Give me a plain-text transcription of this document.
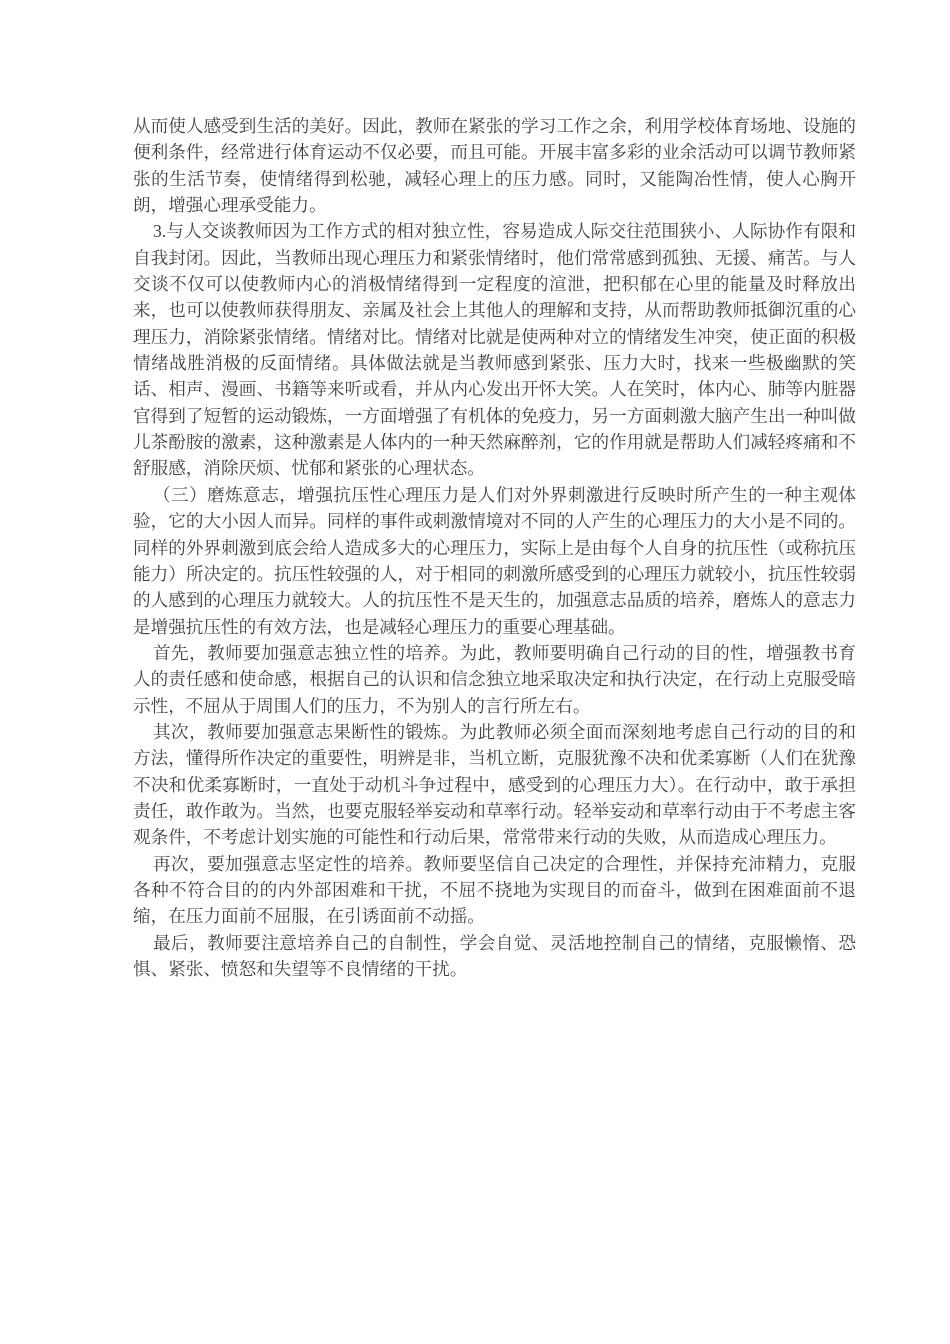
从而使人感受到生活的美好。因此，教师在紧张的学习工作之余，利用学校体育场地、设施的便利条件，经常进行体育运动不仅必要，而且可能。开展丰富多彩的业余活动可以调节教师紧张的生活节奏，使情绪得到松驰，减轻心理上的压力感。同时，又能陶冶性情，使人心胸开朗，增强心理承受能力。

3.与人交谈教师因为工作方式的相对独立性，容易造成人际交往范围狭小、人际协作有限和自我封闭。因此，当教师出现心理压力和紧张情绪时，他们常常感到孤独、无援、痛苦。与人交谈不仅可以使教师内心的消极情绪得到一定程度的渲泄，把积郁在心里的能量及时释放出来，也可以使教师获得朋友、亲属及社会上其他人的理解和支持，从而帮助教师抵御沉重的心理压力，消除紧张情绪。情绪对比。情绪对比就是使两种对立的情绪发生冲突，使正面的积极情绪战胜消极的反面情绪。具体做法就是当教师感到紧张、压力大时，找来一些极幽默的笑话、相声、漫画、书籍等来听或看，并从内心发出开怀大笑。人在笑时，体内心、肺等内脏器官得到了短暂的运动锻炼，一方面增强了有机体的免疫力，另一方面刺激大脑产生出一种叫做儿茶酚胺的激素，这种激素是人体内的一种天然麻醉剂，它的作用就是帮助人们减轻疼痛和不舒服感，消除厌烦、忧郁和紧张的心理状态。

（三）磨炼意志，增强抗压性心理压力是人们对外界刺激进行反映时所产生的一种主观体验，它的大小因人而异。同样的事件或刺激情境对不同的人产生的心理压力的大小是不同的。同样的外界刺激到底会给人造成多大的心理压力，实际上是由每个人自身的抗压性（或称抗压能力）所决定的。抗压性较强的人，对于相同的刺激所感受到的心理压力就较小，抗压性较弱的人感到的心理压力就较大。人的抗压性不是天生的，加强意志品质的培养，磨炼人的意志力是增强抗压性的有效方法，也是减轻心理压力的重要心理基础。

首先，教师要加强意志独立性的培养。为此，教师要明确自己行动的目的性，增强教书育人的责任感和使命感，根据自己的认识和信念独立地采取决定和执行决定，在行动上克服受暗示性，不屈从于周围人们的压力，不为别人的言行所左右。

其次，教师要加强意志果断性的锻炼。为此教师必须全面而深刻地考虑自己行动的目的和方法，懂得所作决定的重要性，明辨是非，当机立断，克服犹豫不决和优柔寡断（人们在犹豫不决和优柔寡断时，一直处于动机斗争过程中，感受到的心理压力大）。在行动中，敢于承担责任，敢作敢为。当然，也要克服轻举妄动和草率行动。轻举妄动和草率行动由于不考虑主客观条件，不考虑计划实施的可能性和行动后果，常常带来行动的失败，从而造成心理压力。

再次，要加强意志坚定性的培养。教师要坚信自己决定的合理性，并保持充沛精力，克服各种不符合目的的内外部困难和干扰，不屈不挠地为实现目的而奋斗，做到在困难面前不退缩，在压力面前不屈服，在引诱面前不动摇。

最后，教师要注意培养自己的自制性，学会自觉、灵活地控制自己的情绪，克服懒惰、恐惧、紧张、愤怒和失望等不良情绪的干扰。
